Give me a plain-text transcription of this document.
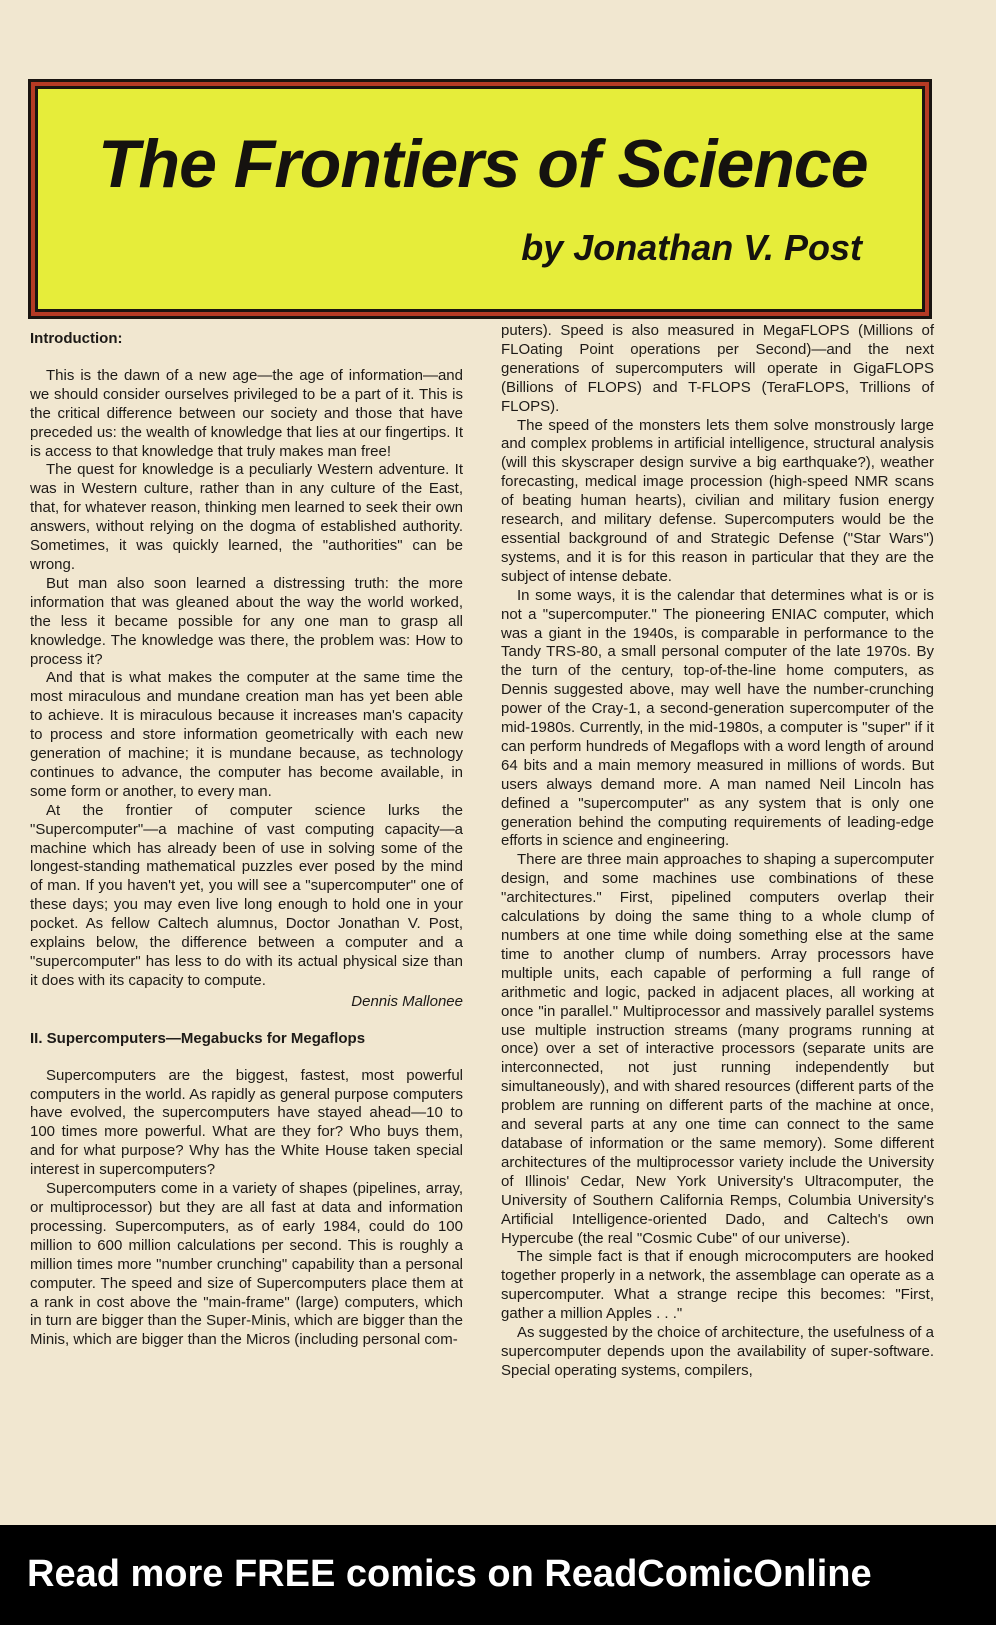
The Frontiers of Science
by Jonathan V. Post
Introduction:

This is the dawn of a new age—the age of information—and we should consider ourselves privileged to be a part of it. This is the critical difference between our society and those that have preceded us: the wealth of knowledge that lies at our fingertips. It is access to that knowledge that truly makes man free!

The quest for knowledge is a peculiarly Western adventure. It was in Western culture, rather than in any culture of the East, that, for whatever reason, thinking men learned to seek their own answers, without relying on the dogma of established authority. Sometimes, it was quickly learned, the "authorities" can be wrong.

But man also soon learned a distressing truth: the more information that was gleaned about the way the world worked, the less it became possible for any one man to grasp all knowledge. The knowledge was there, the problem was: How to process it?

And that is what makes the computer at the same time the most miraculous and mundane creation man has yet been able to achieve. It is miraculous because it increases man's capacity to process and store information geometrically with each new generation of machine; it is mundane because, as technology continues to advance, the computer has become available, in some form or another, to every man.

At the frontier of computer science lurks the "Supercomputer"—a machine of vast computing capacity—a machine which has already been of use in solving some of the longest-standing mathematical puzzles ever posed by the mind of man. If you haven't yet, you will see a "supercomputer" one of these days; you may even live long enough to hold one in your pocket. As fellow Caltech alumnus, Doctor Jonathan V. Post, explains below, the difference between a computer and a "supercomputer" has less to do with its actual physical size than it does with its capacity to compute.

Dennis Mallonee

II. Supercomputers—Megabucks for Megaflops

Supercomputers are the biggest, fastest, most powerful computers in the world. As rapidly as general purpose computers have evolved, the supercomputers have stayed ahead—10 to 100 times more powerful. What are they for? Who buys them, and for what purpose? Why has the White House taken special interest in supercomputers?

Supercomputers come in a variety of shapes (pipelines, array, or multiprocessor) but they are all fast at data and information processing. Supercomputers, as of early 1984, could do 100 million to 600 million calculations per second. This is roughly a million times more "number crunching" capability than a personal computer. The speed and size of Supercomputers place them at a rank in cost above the "main-frame" (large) computers, which in turn are bigger than the Super-Minis, which are bigger than the Minis, which are bigger than the Micros (including personal com-

puters). Speed is also measured in MegaFLOPS (Millions of FLOating Point operations per Second)—and the next generations of supercomputers will operate in GigaFLOPS (Billions of FLOPS) and T-FLOPS (TeraFLOPS, Trillions of FLOPS).

The speed of the monsters lets them solve monstrously large and complex problems in artificial intelligence, structural analysis (will this skyscraper design survive a big earthquake?), weather forecasting, medical image procession (high-speed NMR scans of beating human hearts), civilian and military fusion energy research, and military defense. Supercomputers would be the essential background of and Strategic Defense ("Star Wars") systems, and it is for this reason in particular that they are the subject of intense debate.

In some ways, it is the calendar that determines what is or is not a "supercomputer." The pioneering ENIAC computer, which was a giant in the 1940s, is comparable in performance to the Tandy TRS-80, a small personal computer of the late 1970s. By the turn of the century, top-of-the-line home computers, as Dennis suggested above, may well have the number-crunching power of the Cray-1, a second-generation supercomputer of the mid-1980s. Currently, in the mid-1980s, a computer is "super" if it can perform hundreds of Megaflops with a word length of around 64 bits and a main memory measured in millions of words. But users always demand more. A man named Neil Lincoln has defined a "supercomputer" as any system that is only one generation behind the computing requirements of leading-edge efforts in science and engineering.

There are three main approaches to shaping a supercomputer design, and some machines use combinations of these "architectures." First, pipelined computers overlap their calculations by doing the same thing to a whole clump of numbers at one time while doing something else at the same time to another clump of numbers. Array processors have multiple units, each capable of performing a full range of arithmetic and logic, packed in adjacent places, all working at once "in parallel." Multiprocessor and massively parallel systems use multiple instruction streams (many programs running at once) over a set of interactive processors (separate units are interconnected, not just running independently but simultaneously), and with shared resources (different parts of the problem are running on different parts of the machine at once, and several parts at any one time can connect to the same database of information or the same memory). Some different architectures of the multiprocessor variety include the University of Illinois' Cedar, New York University's Ultracomputer, the University of Southern California Remps, Columbia University's Artificial Intelligence-oriented Dado, and Caltech's own Hypercube (the real "Cosmic Cube" of our universe).

The simple fact is that if enough microcomputers are hooked together properly in a network, the assemblage can operate as a supercomputer. What a strange recipe this becomes: "First, gather a million Apples . . ."

As suggested by the choice of architecture, the usefulness of a supercomputer depends upon the availability of super-software. Special operating systems, compilers,

Read more FREE comics on ReadComicOnline
